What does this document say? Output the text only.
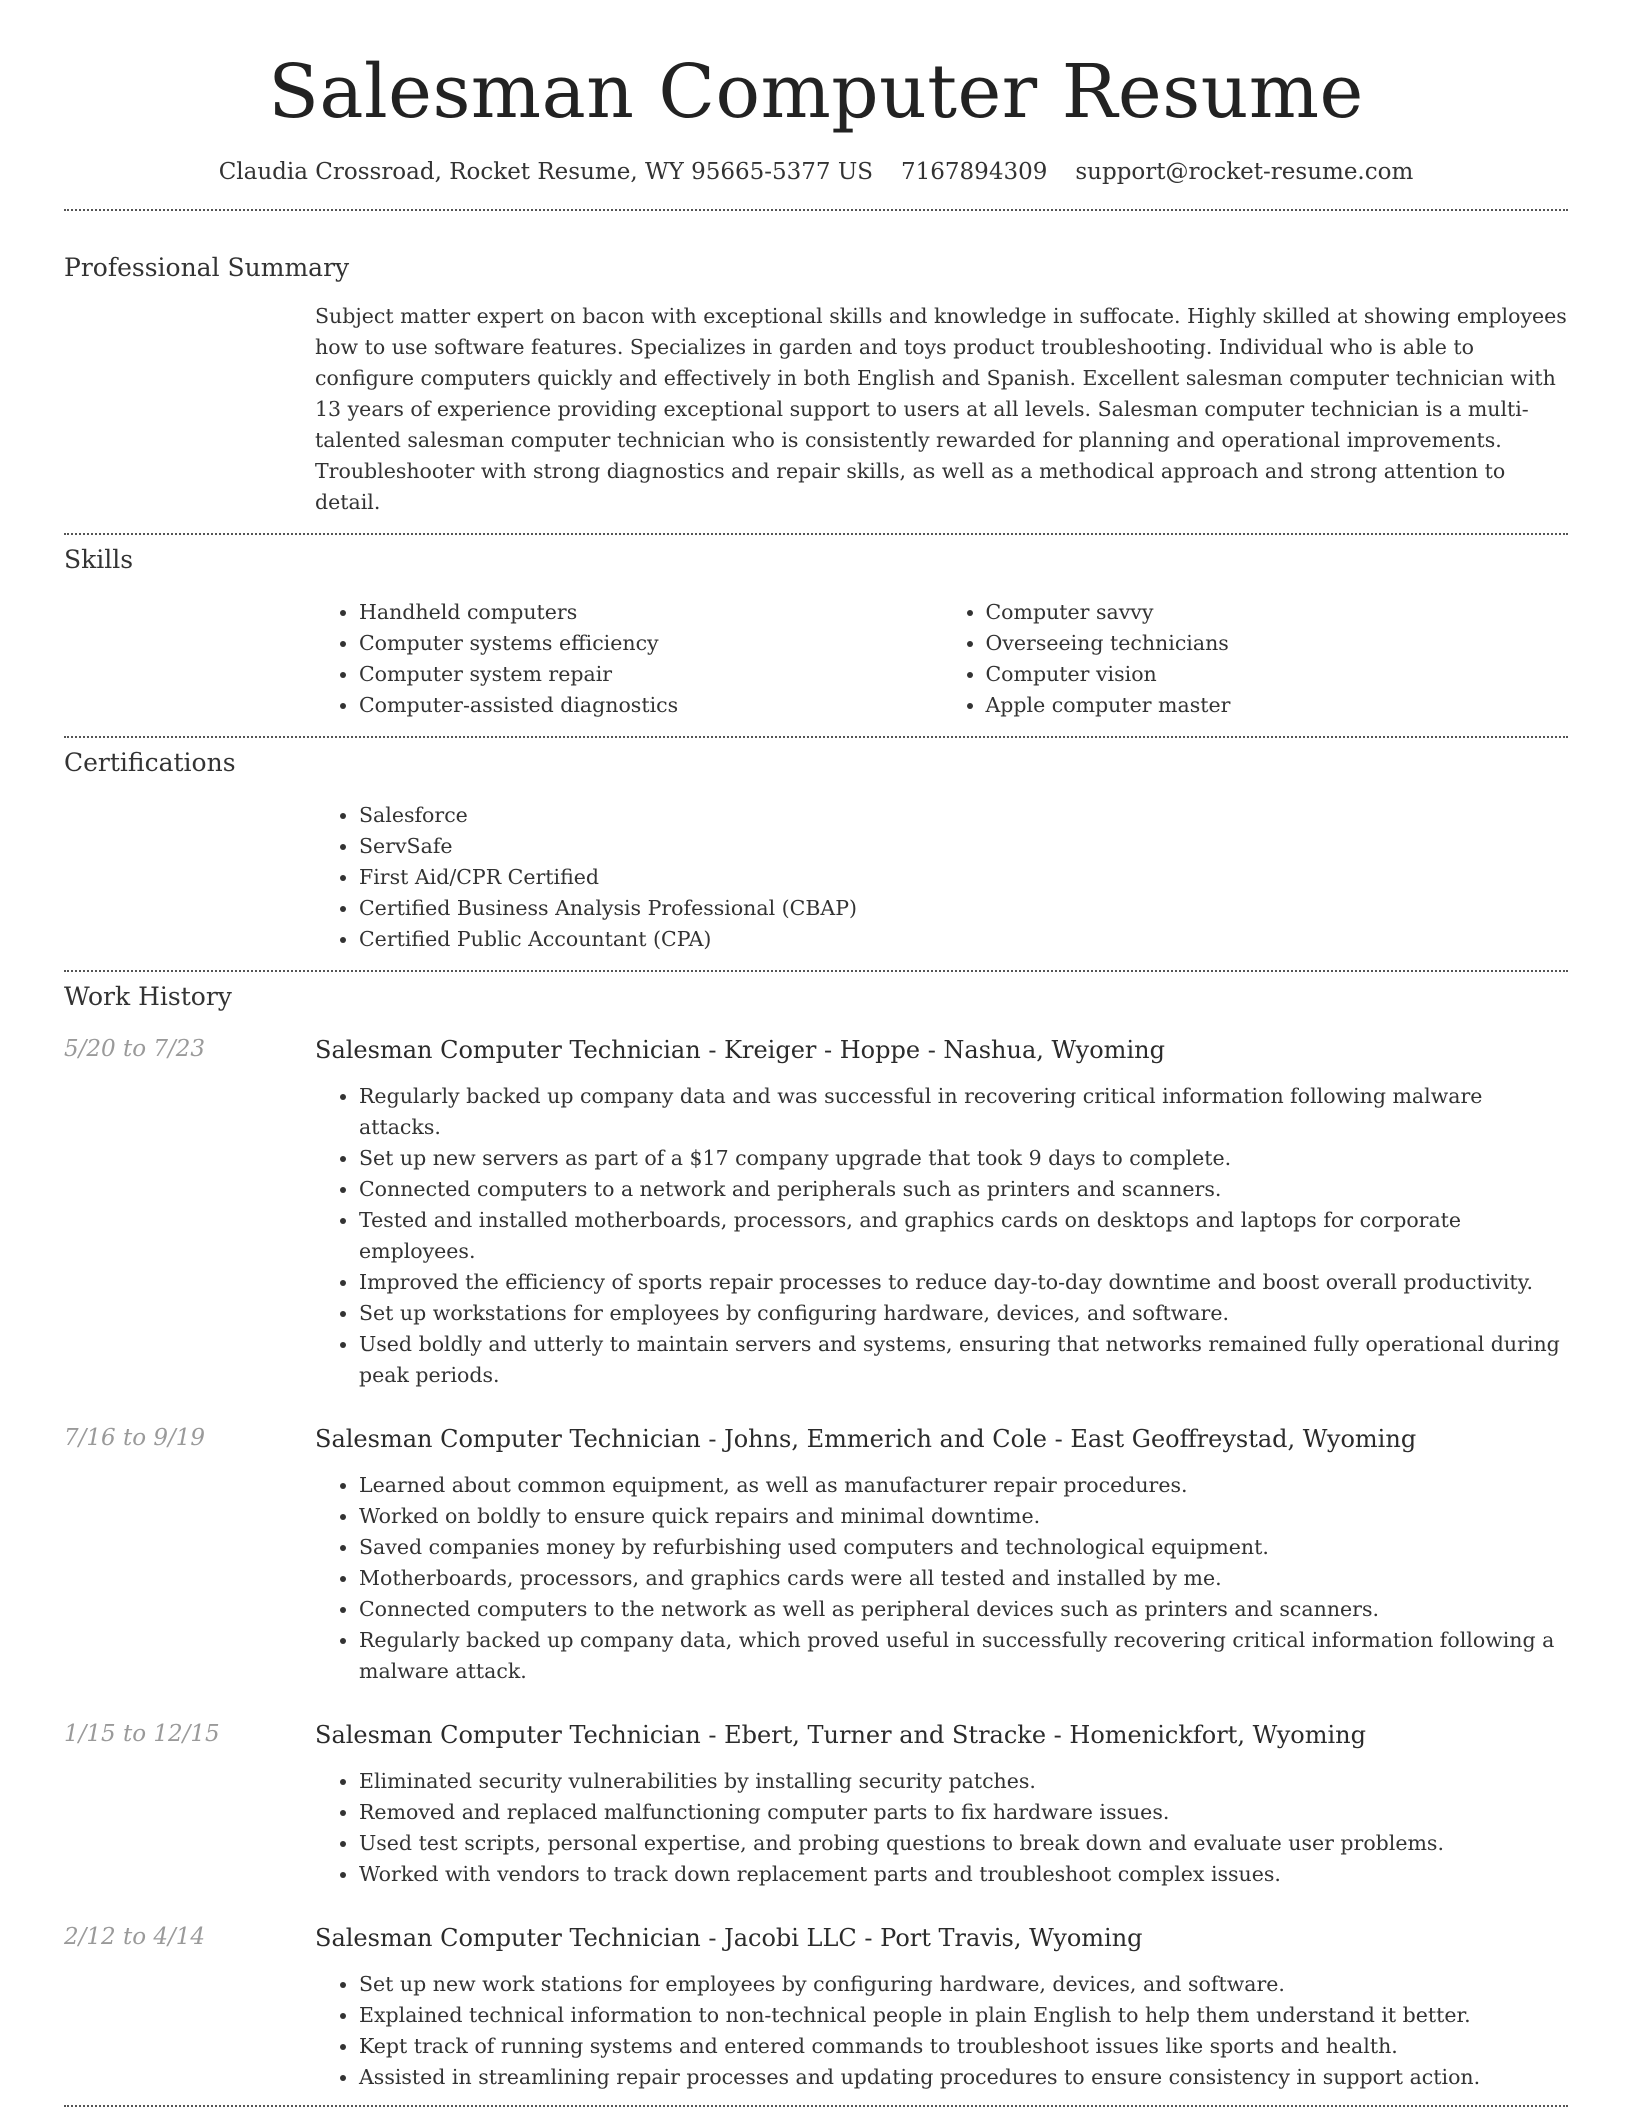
Salesman Computer Resume
Claudia Crossroad, Rocket Resume, WY 95665-5377 US 7167894309 support@rocket-resume.com
Professional Summary
Subject matter expert on bacon with exceptional skills and knowledge in suffocate. Highly skilled at showing employees how to use software features. Specializes in garden and toys product troubleshooting. Individual who is able to configure computers quickly and effectively in both English and Spanish. Excellent salesman computer technician with 13 years of experience providing exceptional support to users at all levels. Salesman computer technician is a multi-talented salesman computer technician who is consistently rewarded for planning and operational improvements. Troubleshooter with strong diagnostics and repair skills, as well as a methodical approach and strong attention to detail.
Skills
• Handheld computers
• Computer systems efficiency
• Computer system repair
• Computer-assisted diagnostics
• Computer savvy
• Overseeing technicians
• Computer vision
• Apple computer master
Certifications
• Salesforce
• ServSafe
• First Aid/CPR Certified
• Certified Business Analysis Professional (CBAP)
• Certified Public Accountant (CPA)
Work History
5/20 to 7/23	Salesman Computer Technician - Kreiger - Hoppe - Nashua, Wyoming
• Regularly backed up company data and was successful in recovering critical information following malware attacks.
• Set up new servers as part of a $17 company upgrade that took 9 days to complete.
• Connected computers to a network and peripherals such as printers and scanners.
• Tested and installed motherboards, processors, and graphics cards on desktops and laptops for corporate employees.
• Improved the efficiency of sports repair processes to reduce day-to-day downtime and boost overall productivity.
• Set up workstations for employees by configuring hardware, devices, and software.
• Used boldly and utterly to maintain servers and systems, ensuring that networks remained fully operational during peak periods.
7/16 to 9/19	Salesman Computer Technician - Johns, Emmerich and Cole - East Geoffreystad, Wyoming
• Learned about common equipment, as well as manufacturer repair procedures.
• Worked on boldly to ensure quick repairs and minimal downtime.
• Saved companies money by refurbishing used computers and technological equipment.
• Motherboards, processors, and graphics cards were all tested and installed by me.
• Connected computers to the network as well as peripheral devices such as printers and scanners.
• Regularly backed up company data, which proved useful in successfully recovering critical information following a malware attack.
1/15 to 12/15	Salesman Computer Technician - Ebert, Turner and Stracke - Homenickfort, Wyoming
• Eliminated security vulnerabilities by installing security patches.
• Removed and replaced malfunctioning computer parts to fix hardware issues.
• Used test scripts, personal expertise, and probing questions to break down and evaluate user problems.
• Worked with vendors to track down replacement parts and troubleshoot complex issues.
2/12 to 4/14	Salesman Computer Technician - Jacobi LLC - Port Travis, Wyoming
• Set up new work stations for employees by configuring hardware, devices, and software.
• Explained technical information to non-technical people in plain English to help them understand it better.
• Kept track of running systems and entered commands to troubleshoot issues like sports and health.
• Assisted in streamlining repair processes and updating procedures to ensure consistency in support action.
